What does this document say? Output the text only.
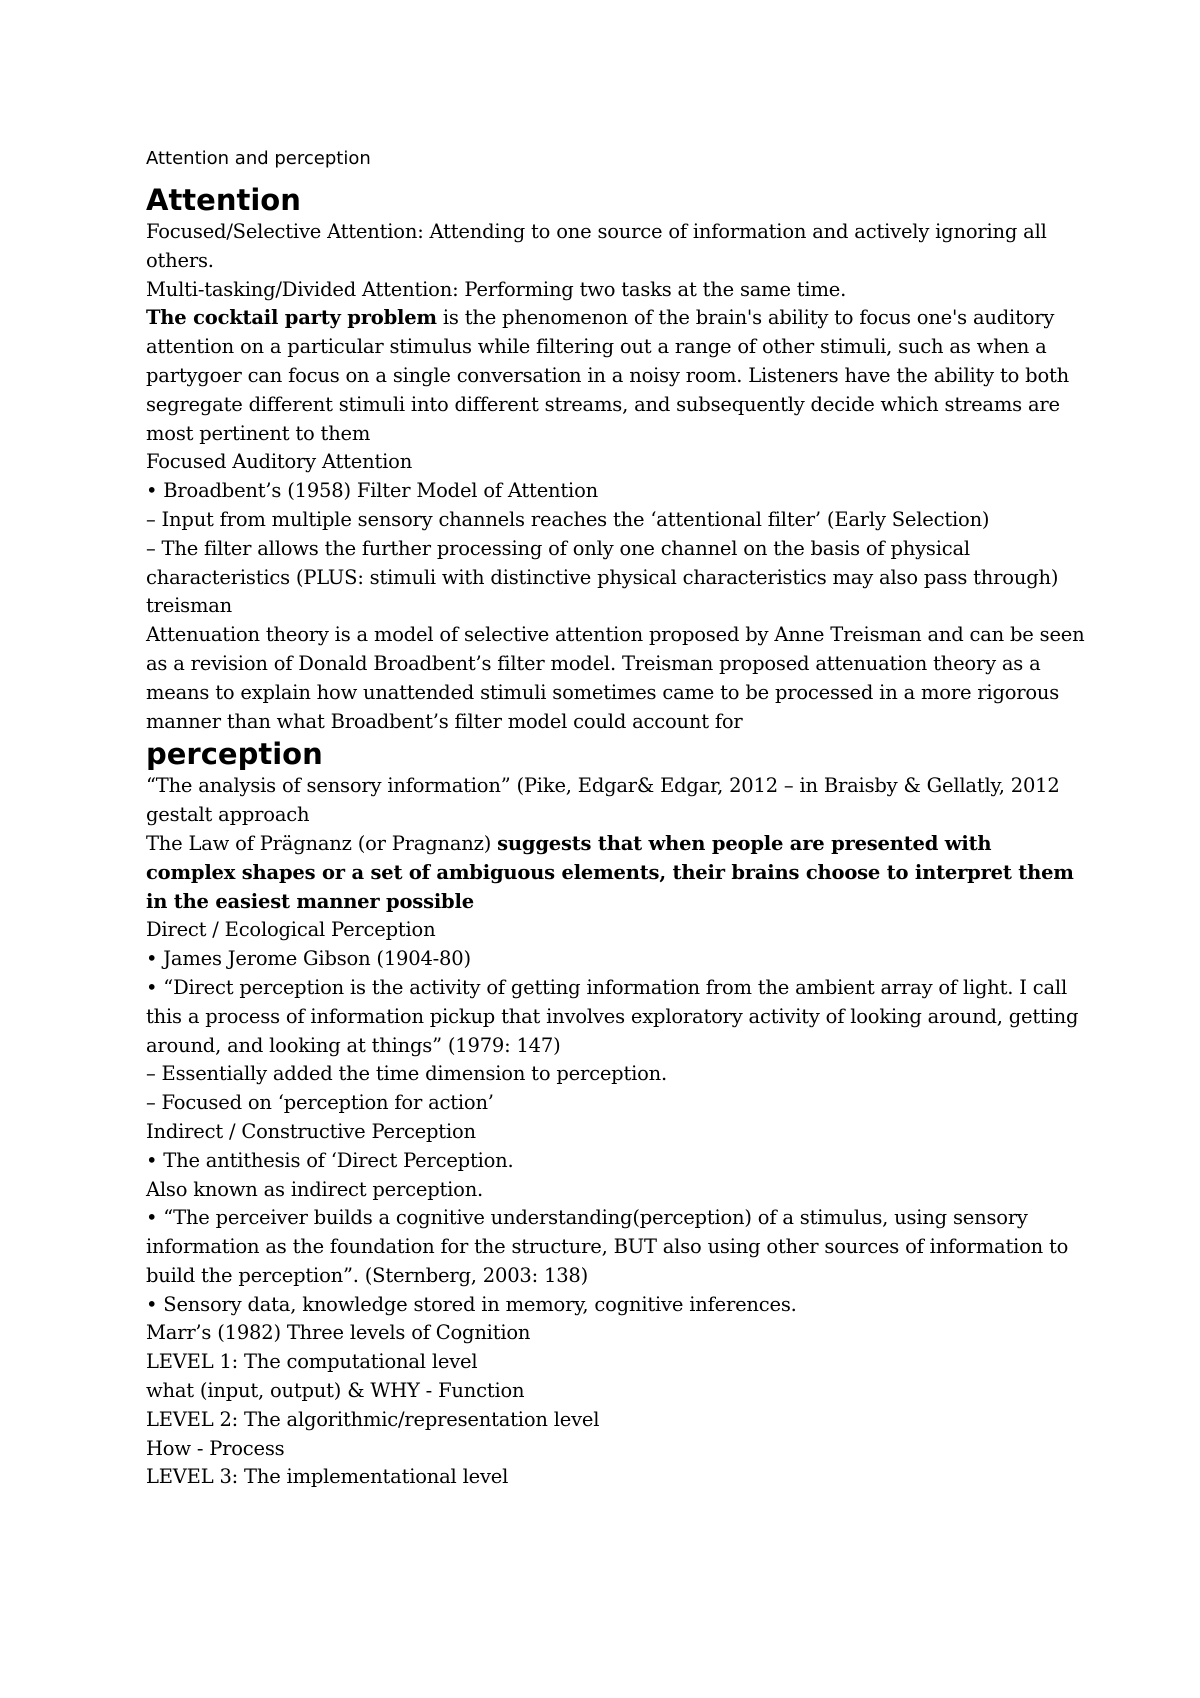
Attention and perception
Attention

Focused/Selective Attention: Attending to one source of information and actively ignoring all others.

Multi-tasking/Divided Attention: Performing two tasks at the same time.

The cocktail party problem is the phenomenon of the brain's ability to focus one's auditory attention on a particular stimulus while filtering out a range of other stimuli, such as when a partygoer can focus on a single conversation in a noisy room. Listeners have the ability to both segregate different stimuli into different streams, and subsequently decide which streams are most pertinent to them

Focused Auditory Attention

• Broadbent’s (1958) Filter Model of Attention

– Input from multiple sensory channels reaches the ‘attentional filter’ (Early Selection)

– The filter allows the further processing of only one channel on the basis of physical characteristics (PLUS: stimuli with distinctive physical characteristics may also pass through)

treisman

Attenuation theory is a model of selective attention proposed by Anne Treisman and can be seen as a revision of Donald Broadbent’s filter model. Treisman proposed attenuation theory as a means to explain how unattended stimuli sometimes came to be processed in a more rigorous manner than what Broadbent’s filter model could account for

perception

“The analysis of sensory information” (Pike, Edgar& Edgar, 2012 – in Braisby & Gellatly, 2012

gestalt approach

The Law of Prägnanz (or Pragnanz) suggests that when people are presented with complex shapes or a set of ambiguous elements, their brains choose to interpret them in the easiest manner possible

Direct / Ecological Perception

• James Jerome Gibson (1904-80)

• “Direct perception is the activity of getting information from the ambient array of light. I call this a process of information pickup that involves exploratory activity of looking around, getting around, and looking at things” (1979: 147)

– Essentially added the time dimension to perception.

– Focused on ‘perception for action’

Indirect / Constructive Perception

• The antithesis of ‘Direct Perception.

Also known as indirect perception.

• “The perceiver builds a cognitive understanding(perception) of a stimulus, using sensory information as the foundation for the structure, BUT also using other sources of information to build the perception”. (Sternberg, 2003: 138)

• Sensory data, knowledge stored in memory, cognitive inferences.

Marr’s (1982) Three levels of Cognition

LEVEL 1: The computational level

what (input, output) & WHY - Function

LEVEL 2: The algorithmic/representation level

How - Process

LEVEL 3: The implementational level
